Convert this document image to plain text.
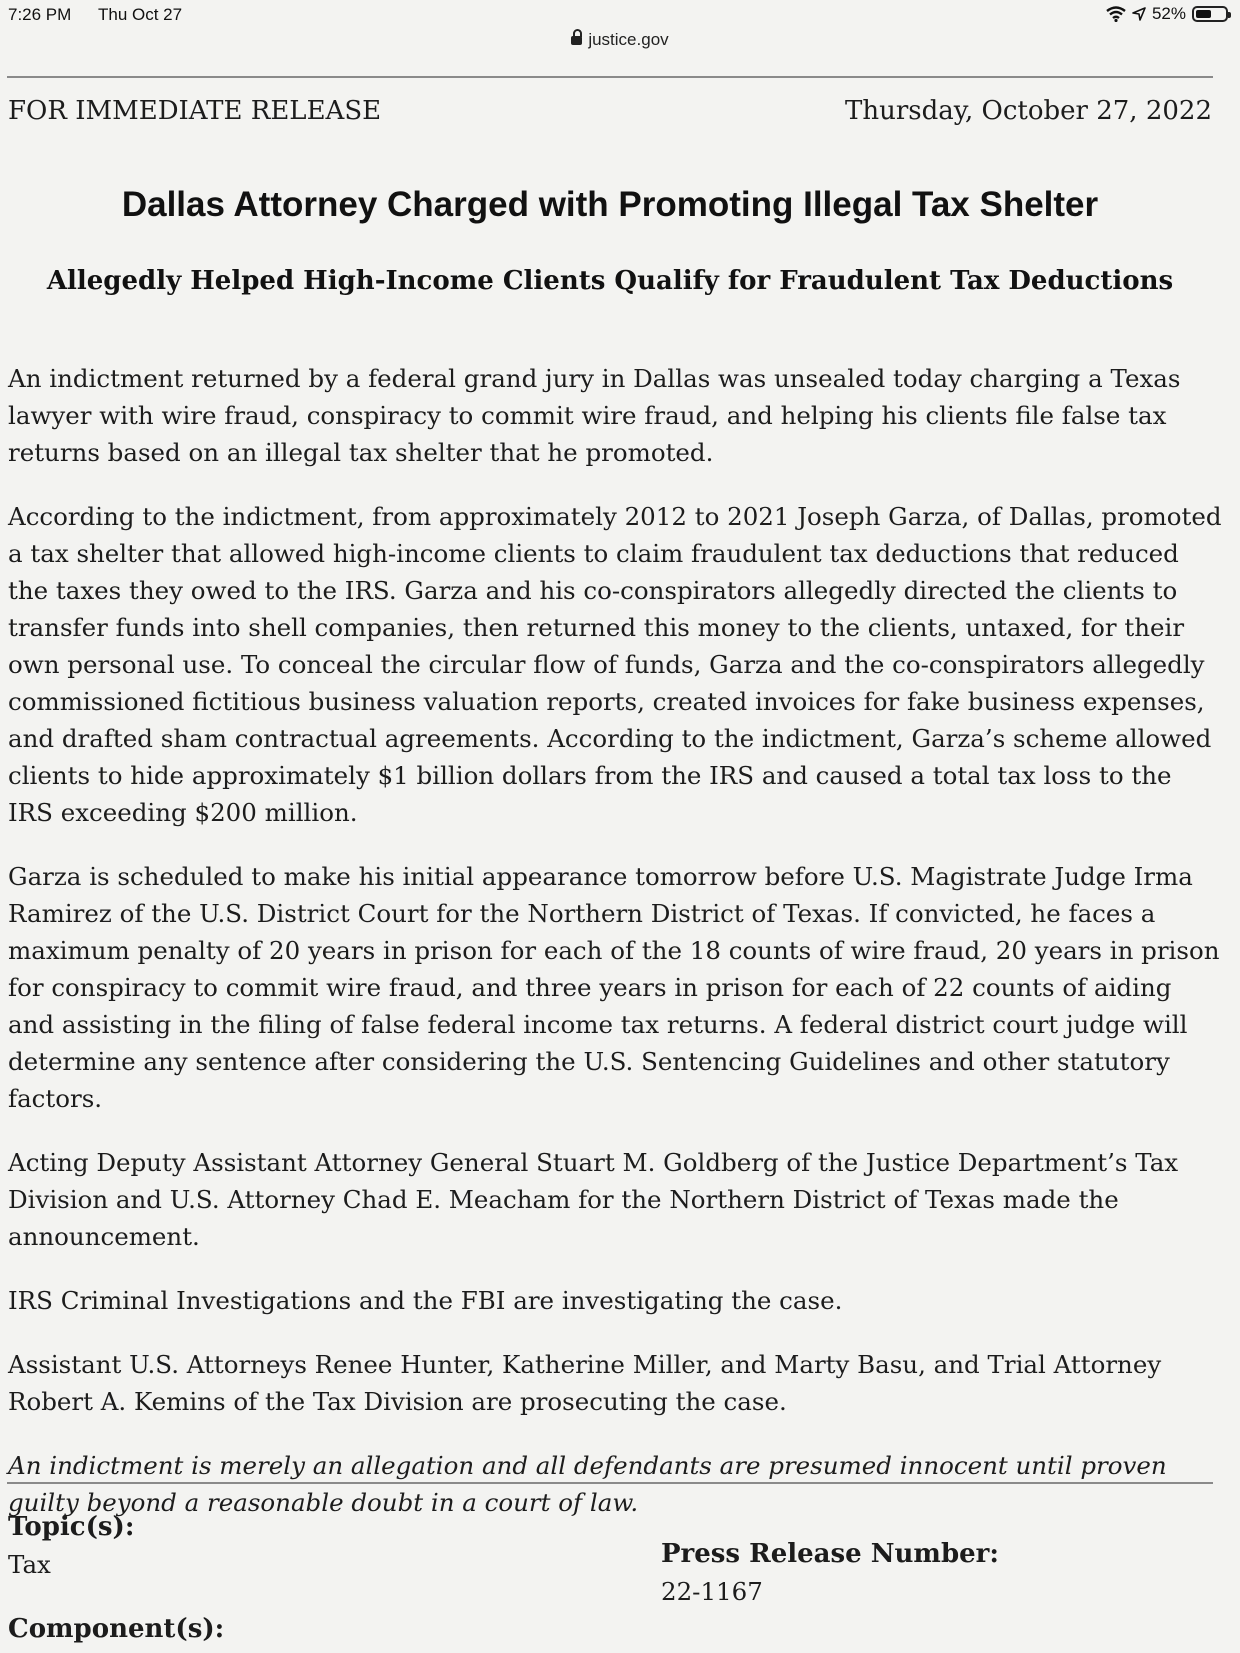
7:26 PM Thu Oct 27	52%
justice.gov
FOR IMMEDIATE RELEASE	Thursday, October 27, 2022
Dallas Attorney Charged with Promoting Illegal Tax Shelter
Allegedly Helped High-Income Clients Qualify for Fraudulent Tax Deductions

An indictment returned by a federal grand jury in Dallas was unsealed today charging a Texas lawyer with wire fraud, conspiracy to commit wire fraud, and helping his clients file false tax returns based on an illegal tax shelter that he promoted.

According to the indictment, from approximately 2012 to 2021 Joseph Garza, of Dallas, promoted a tax shelter that allowed high-income clients to claim fraudulent tax deductions that reduced the taxes they owed to the IRS. Garza and his co-conspirators allegedly directed the clients to transfer funds into shell companies, then returned this money to the clients, untaxed, for their own personal use. To conceal the circular flow of funds, Garza and the co-conspirators allegedly commissioned fictitious business valuation reports, created invoices for fake business expenses, and drafted sham contractual agreements. According to the indictment, Garza’s scheme allowed clients to hide approximately $1 billion dollars from the IRS and caused a total tax loss to the IRS exceeding $200 million.

Garza is scheduled to make his initial appearance tomorrow before U.S. Magistrate Judge Irma Ramirez of the U.S. District Court for the Northern District of Texas. If convicted, he faces a maximum penalty of 20 years in prison for each of the 18 counts of wire fraud, 20 years in prison for conspiracy to commit wire fraud, and three years in prison for each of 22 counts of aiding and assisting in the filing of false federal income tax returns. A federal district court judge will determine any sentence after considering the U.S. Sentencing Guidelines and other statutory factors.

Acting Deputy Assistant Attorney General Stuart M. Goldberg of the Justice Department’s Tax Division and U.S. Attorney Chad E. Meacham for the Northern District of Texas made the announcement.

IRS Criminal Investigations and the FBI are investigating the case.

Assistant U.S. Attorneys Renee Hunter, Katherine Miller, and Marty Basu, and Trial Attorney Robert A. Kemins of the Tax Division are prosecuting the case.

An indictment is merely an allegation and all defendants are presumed innocent until proven guilty beyond a reasonable doubt in a court of law.

Topic(s):
Tax
Component(s):
Press Release Number:
22-1167
